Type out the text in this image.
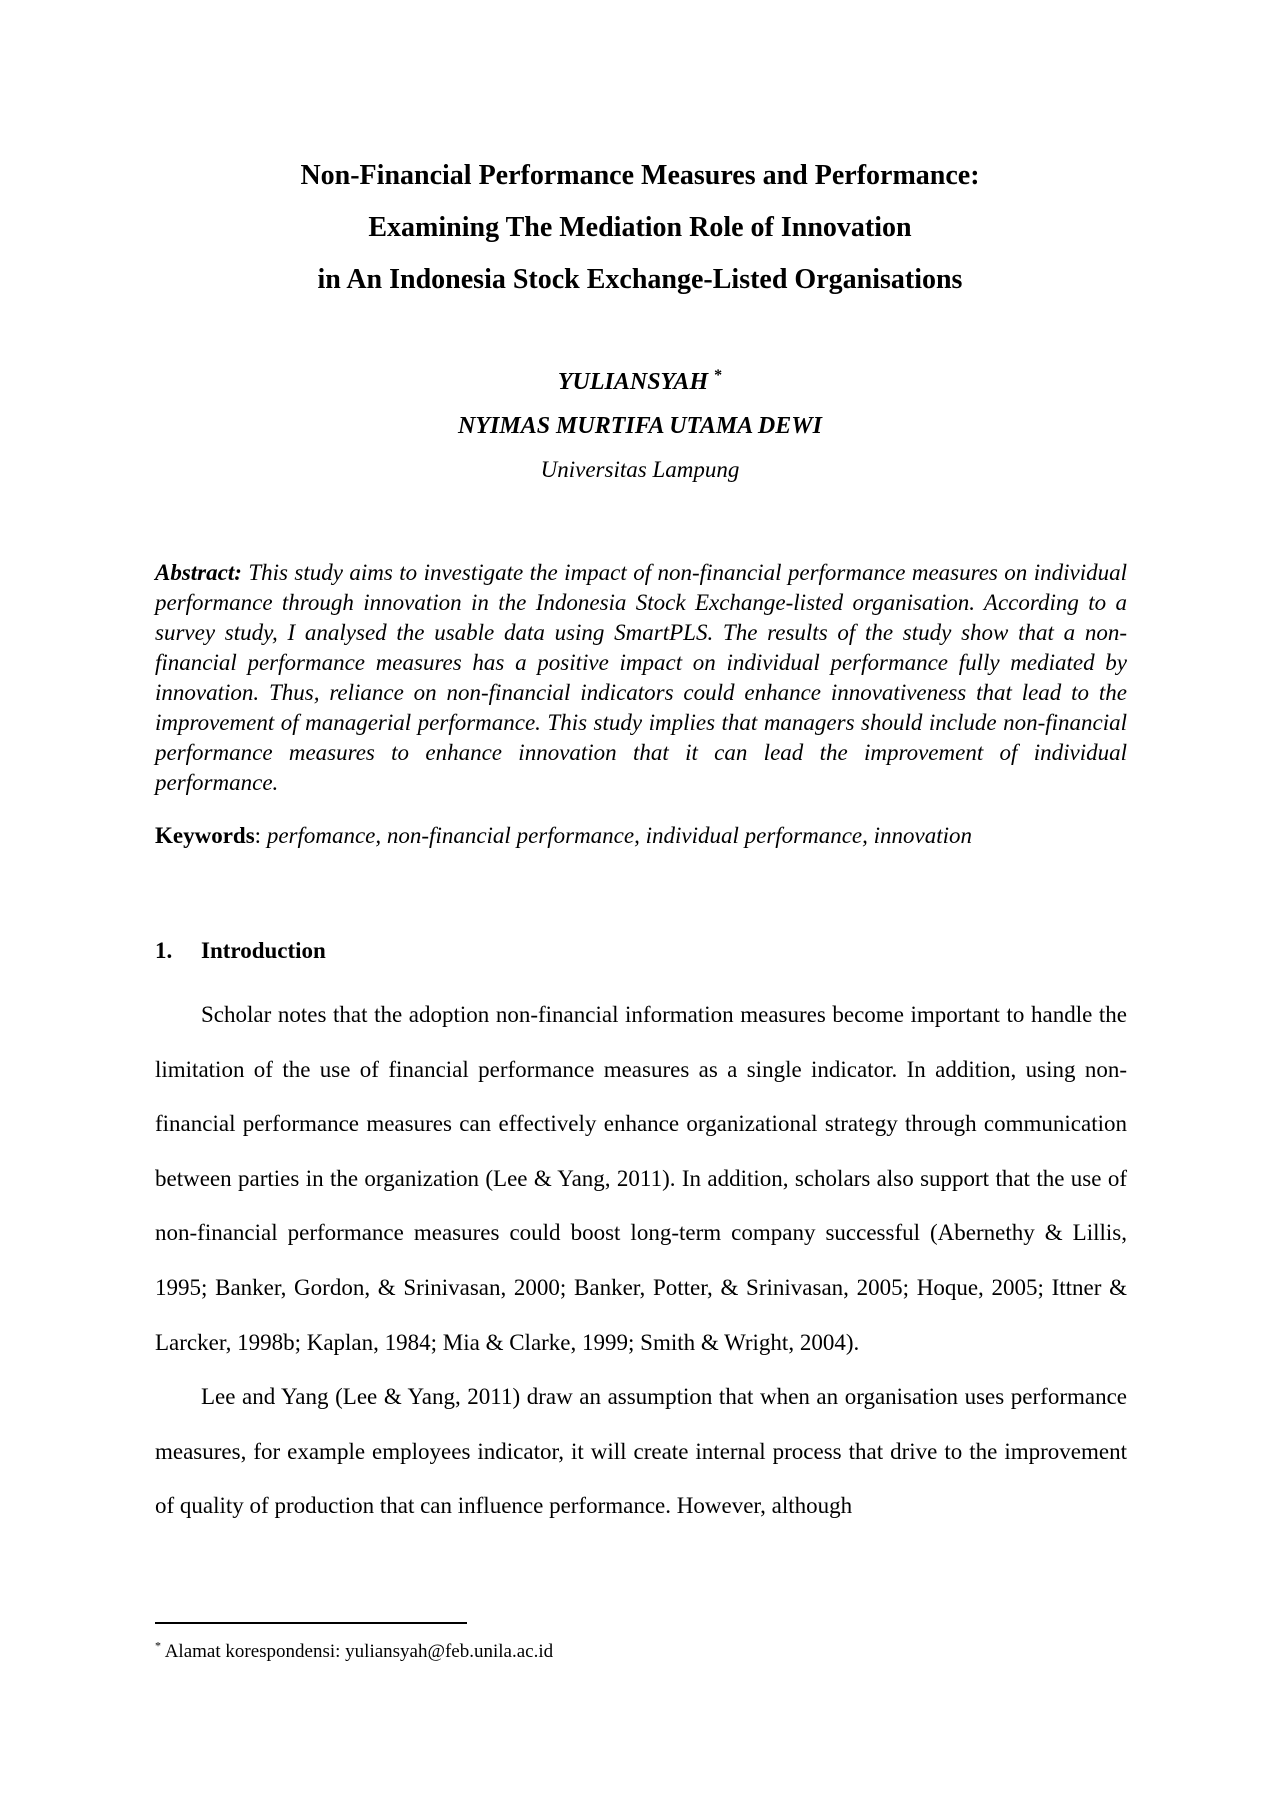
Non-Financial Performance Measures and Performance:

Examining The Mediation Role of Innovation

in An Indonesia Stock Exchange-Listed Organisations

YULIANSYAH *

NYIMAS MURTIFA UTAMA DEWI

Universitas Lampung

Abstract: This study aims to investigate the impact of non-financial performance measures on individual performance through innovation in the Indonesia Stock Exchange-listed organisation. According to a survey study, I analysed the usable data using SmartPLS. The results of the study show that a non-financial performance measures has a positive impact on individual performance fully mediated by innovation. Thus, reliance on non-financial indicators could enhance innovativeness that lead to the improvement of managerial performance. This study implies that managers should include non-financial performance measures to enhance innovation that it can lead the improvement of individual performance.

Keywords: perfomance, non-financial performance, individual performance, innovation

1. Introduction

Scholar notes that the adoption non-financial information measures become important to handle the limitation of the use of financial performance measures as a single indicator. In addition, using non-financial performance measures can effectively enhance organizational strategy through communication between parties in the organization (Lee & Yang, 2011). In addition, scholars also support that the use of non-financial performance measures could boost long-term company successful (Abernethy & Lillis, 1995; Banker, Gordon, & Srinivasan, 2000; Banker, Potter, & Srinivasan, 2005; Hoque, 2005; Ittner & Larcker, 1998b; Kaplan, 1984; Mia & Clarke, 1999; Smith & Wright, 2004).

Lee and Yang (Lee & Yang, 2011) draw an assumption that when an organisation uses performance measures, for example employees indicator, it will create internal process that drive to the improvement of quality of production that can influence performance. However, although

* Alamat korespondensi: yuliansyah@feb.unila.ac.id
